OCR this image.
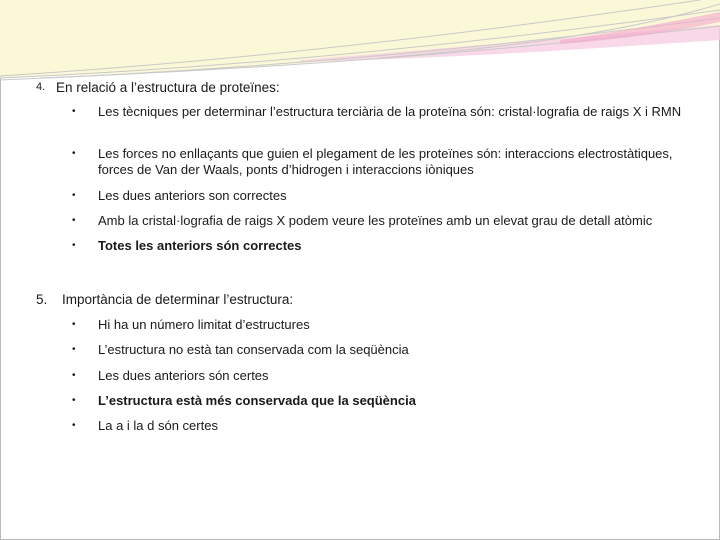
4. En relació a l’estructura de proteïnes:
• Les tècniques per determinar l’estructura terciària de la proteïna són: cristal·lografia de raigs X i RMN
• Les forces no enllaçants que guien el plegament de les proteïnes són: interaccions electrostàtiques, forces de Van der Waals, ponts d’hidrogen i interaccions iòniques
• Les dues anteriors son correctes
• Amb la cristal·lografia de raigs X podem veure les proteïnes amb un elevat grau de detall atòmic
• Totes les anteriors són correctes
5. Importància de determinar l’estructura:
• Hi ha un número limitat d’estructures
• L’estructura no està tan conservada com la seqüència
• Les dues anteriors són certes
• L’estructura està més conservada que la seqüència
• La a i la d són certes
